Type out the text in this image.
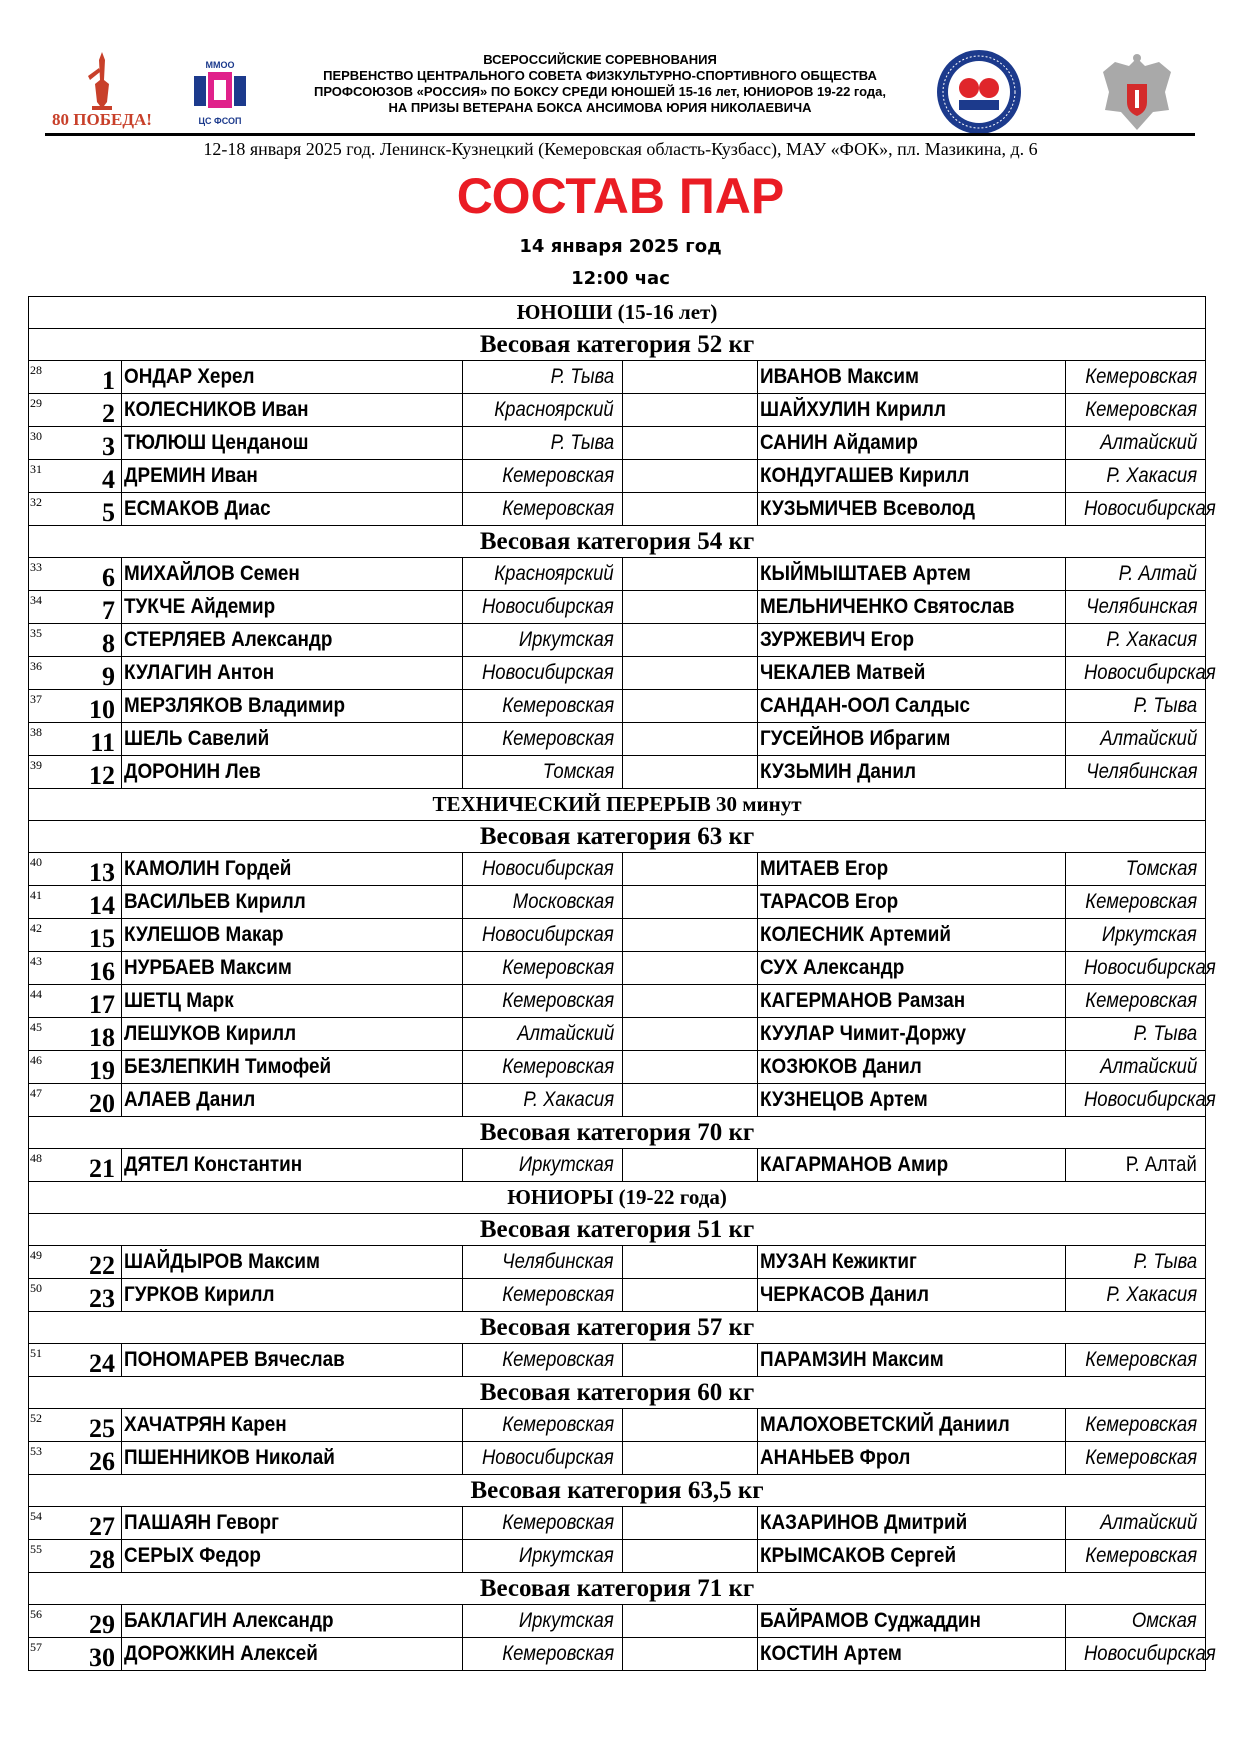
80 ПОБЕДА!
ММОО
ЦС ФСОП
ВСЕРОССИЙСКИЕ СОРЕВНОВАНИЯ
ПЕРВЕНСТВО ЦЕНТРАЛЬНОГО СОВЕТА ФИЗКУЛЬТУРНО-СПОРТИВНОГО ОБЩЕСТВА
ПРОФСОЮЗОВ «РОССИЯ» ПО БОКСУ СРЕДИ ЮНОШЕЙ 15-16 лет, ЮНИОРОВ 19-22 года,
НА ПРИЗЫ ВЕТЕРАНА БОКСА АНСИМОВА ЮРИЯ НИКОЛАЕВИЧА
12-18 января 2025 год. Ленинск-Кузнецкий (Кемеровская область-Кузбасс), МАУ «ФОК», пл. Мазикина, д. 6
СОСТАВ ПАР
14 января 2025 год
12:00 час
ЮНОШИ (15-16 лет)					
Весовая категория 52 кг					

28 1	ОНДАР Херел	Р. Тыва		ИВАНОВ Максим	Кемеровская

29 2	КОЛЕСНИКОВ Иван	Красноярский		ШАЙХУЛИН Кирилл	Кемеровская

30 3	ТЮЛЮШ Ценданош	Р. Тыва		САНИН Айдамир	Алтайский

31 4	ДРЕМИН Иван	Кемеровская		КОНДУГАШЕВ Кирилл	Р. Хакасия

32 5	ЕСМАКОВ Диас	Кемеровская		КУЗЬМИЧЕВ Всеволод	Новосибирская
Весовая категория 54 кг					

33 6	МИХАЙЛОВ Семен	Красноярский		КЫЙМЫШТАЕВ Артем	Р. Алтай

34 7	ТУКЧЕ Айдемир	Новосибирская		МЕЛЬНИЧЕНКО Святослав	Челябинская

35 8	СТЕРЛЯЕВ Александр	Иркутская		ЗУРЖЕВИЧ Егор	Р. Хакасия

36 9	КУЛАГИН Антон	Новосибирская		ЧЕКАЛЕВ Матвей	Новосибирская

37 10	МЕРЗЛЯКОВ Владимир	Кемеровская		САНДАН-ООЛ Салдыс	Р. Тыва

38 11	ШЕЛЬ Савелий	Кемеровская		ГУСЕЙНОВ Ибрагим	Алтайский

39 12	ДОРОНИН Лев	Томская		КУЗЬМИН Данил	Челябинская
ТЕХНИЧЕСКИЙ ПЕРЕРЫВ 30 минут					
Весовая категория 63 кг					

40 13	КАМОЛИН Гордей	Новосибирская		МИТАЕВ Егор	Томская

41 14	ВАСИЛЬЕВ Кирилл	Московская		ТАРАСОВ Егор	Кемеровская

42 15	КУЛЕШОВ Макар	Новосибирская		КОЛЕСНИК Артемий	Иркутская

43 16	НУРБАЕВ Максим	Кемеровская		СУХ Александр	Новосибирская

44 17	ШЕТЦ Марк	Кемеровская		КАГЕРМАНОВ Рамзан	Кемеровская

45 18	ЛЕШУКОВ Кирилл	Алтайский		КУУЛАР Чимит-Доржу	Р. Тыва

46 19	БЕЗЛЕПКИН Тимофей	Кемеровская		КОЗЮКОВ Данил	Алтайский

47 20	АЛАЕВ Данил	Р. Хакасия		КУЗНЕЦОВ Артем	Новосибирская
Весовая категория 70 кг					

48 21	ДЯТЕЛ Константин	Иркутская		КАГАРМАНОВ Амир	Р. Алтай
ЮНИОРЫ (19-22 года)					
Весовая категория 51 кг					

49 22	ШАЙДЫРОВ Максим	Челябинская		МУЗАН Кежиктиг	Р. Тыва

50 23	ГУРКОВ Кирилл	Кемеровская		ЧЕРКАСОВ Данил	Р. Хакасия
Весовая категория 57 кг					

51 24	ПОНОМАРЕВ Вячеслав	Кемеровская		ПАРАМЗИН Максим	Кемеровская
Весовая категория 60 кг					

52 25	ХАЧАТРЯН Карен	Кемеровская		МАЛОХОВЕТСКИЙ Даниил	Кемеровская

53 26	ПШЕННИКОВ Николай	Новосибирская		АНАНЬЕВ Фрол	Кемеровская
Весовая категория 63,5 кг					

54 27	ПАШАЯН Геворг	Кемеровская		КАЗАРИНОВ Дмитрий	Алтайский

55 28	СЕРЫХ Федор	Иркутская		КРЫМСАКОВ Сергей	Кемеровская
Весовая категория 71 кг					

56 29	БАКЛАГИН Александр	Иркутская		БАЙРАМОВ Суджаддин	Омская

57 30	ДОРОЖКИН Алексей	Кемеровская		КОСТИН Артем	Новосибирская
